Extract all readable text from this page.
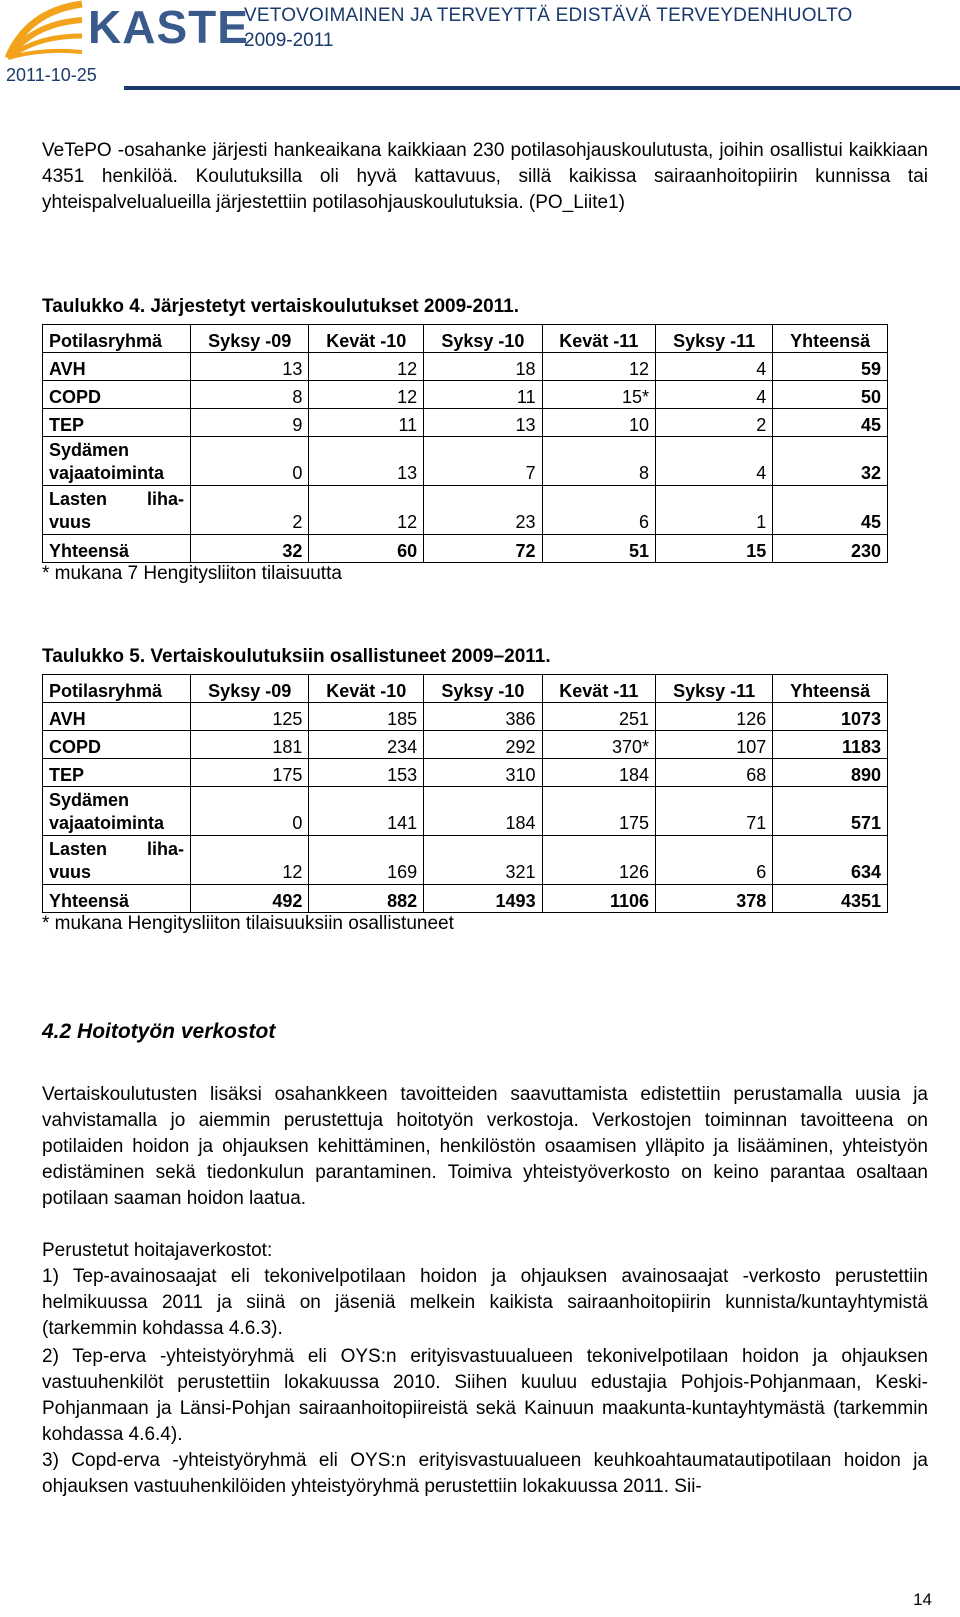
KASTE
VETOVOIMAINEN JA TERVEYTTÄ EDISTÄVÄ TERVEYDENHUOLTO
2009-2011
2011-10-25
VeTePO -osahanke järjesti hankeaikana kaikkiaan 230 potilasohjauskoulutusta, joihin osallistui kaikkiaan 4351 henkilöä. Koulutuksilla oli hyvä kattavuus, sillä kaikissa sairaanhoitopiirin kunnissa tai yhteispalvelualueilla järjestettiin potilasohjauskoulutuksia. (PO_Liite1)
Taulukko 4. Järjestetyt vertaiskoulutukset 2009-2011.
Potilasryhmä	Syksy -09	Kevät -10	Syksy -10	Kevät -11	Syksy -11	Yhteensä
AVH	13	12	18	12	4	59
COPD	8	12	11	15*	4	50
TEP	9	11	13	10	2	45

Sydämen
vajaatoiminta	0	13	7	8	4	32

Lasten liha-
vuus	2	12	23	6	1	45
Yhteensä	32	60	72	51	15	230
* mukana 7 Hengitysliiton tilaisuutta
Taulukko 5. Vertaiskoulutuksiin osallistuneet 2009–2011.
Potilasryhmä	Syksy -09	Kevät -10	Syksy -10	Kevät -11	Syksy -11	Yhteensä
AVH	125	185	386	251	126	1073
COPD	181	234	292	370*	107	1183
TEP	175	153	310	184	68	890

Sydämen
vajaatoiminta	0	141	184	175	71	571

Lasten liha-
vuus	12	169	321	126	6	634
Yhteensä	492	882	1493	1106	378	4351
* mukana Hengitysliiton tilaisuuksiin osallistuneet
4.2 Hoitotyön verkostot
Vertaiskoulutusten lisäksi osahankkeen tavoitteiden saavuttamista edistettiin perustamalla uusia ja vahvistamalla jo aiemmin perustettuja hoitotyön verkostoja. Verkostojen toiminnan tavoitteena on potilaiden hoidon ja ohjauksen kehittäminen, henkilöstön osaamisen ylläpito ja lisääminen, yhteistyön edistäminen sekä tiedonkulun parantaminen. Toimiva yhteistyöverkosto on keino parantaa osaltaan potilaan saaman hoidon laatua.
Perustetut hoitajaverkostot:
1) Tep-avainosaajat eli tekonivelpotilaan hoidon ja ohjauksen avainosaajat -verkosto perustettiin helmikuussa 2011 ja siinä on jäseniä melkein kaikista sairaanhoitopiirin kunnista/kuntayhtymistä (tarkemmin kohdassa 4.6.3).
2) Tep-erva -yhteistyöryhmä eli OYS:n erityisvastuualueen tekonivelpotilaan hoidon ja ohjauksen vastuuhenkilöt perustettiin lokakuussa 2010. Siihen kuuluu edustajia Pohjois-Pohjanmaan, Keski-Pohjanmaan ja Länsi-Pohjan sairaanhoitopiireistä sekä Kainuun maakunta-kuntayhtymästä (tarkemmin kohdassa 4.6.4).
3) Copd-erva -yhteistyöryhmä eli OYS:n erityisvastuualueen keuhkoahtaumatautipotilaan hoidon ja ohjauksen vastuuhenkilöiden yhteistyöryhmä perustettiin lokakuussa 2011. Sii-
14
